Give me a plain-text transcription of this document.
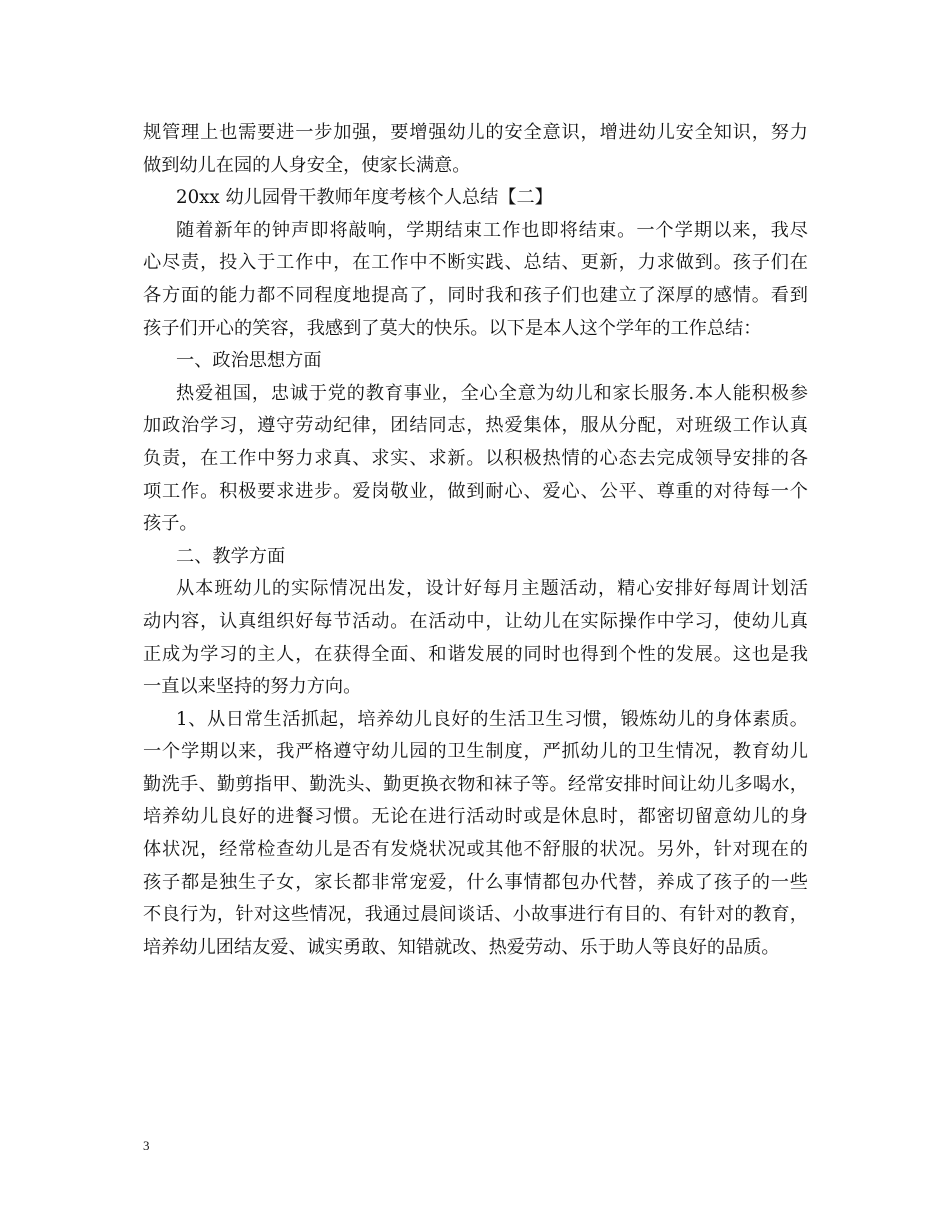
规管理上也需要进一步加强，要增强幼儿的安全意识，增进幼儿安全知识，努力
做到幼儿在园的人身安全，使家长满意。
20xx 幼儿园骨干教师年度考核个人总结【二】
随着新年的钟声即将敲响，学期结束工作也即将结束。一个学期以来，我尽
心尽责，投入于工作中，在工作中不断实践、总结、更新，力求做到。孩子们在
各方面的能力都不同程度地提高了，同时我和孩子们也建立了深厚的感情。看到
孩子们开心的笑容，我感到了莫大的快乐。以下是本人这个学年的工作总结：
一、政治思想方面
热爱祖国，忠诚于党的教育事业，全心全意为幼儿和家长服务.本人能积极参
加政治学习，遵守劳动纪律，团结同志，热爱集体，服从分配，对班级工作认真
负责，在工作中努力求真、求实、求新。以积极热情的心态去完成领导安排的各
项工作。积极要求进步。爱岗敬业，做到耐心、爱心、公平、尊重的对待每一个
孩子。
二、教学方面
从本班幼儿的实际情况出发，设计好每月主题活动，精心安排好每周计划活
动内容，认真组织好每节活动。在活动中，让幼儿在实际操作中学习，使幼儿真
正成为学习的主人，在获得全面、和谐发展的同时也得到个性的发展。这也是我
一直以来坚持的努力方向。
1、从日常生活抓起，培养幼儿良好的生活卫生习惯，锻炼幼儿的身体素质。
一个学期以来，我严格遵守幼儿园的卫生制度，严抓幼儿的卫生情况，教育幼儿
勤洗手、勤剪指甲、勤洗头、勤更换衣物和袜子等。经常安排时间让幼儿多喝水，
培养幼儿良好的进餐习惯。无论在进行活动时或是休息时，都密切留意幼儿的身
体状况，经常检查幼儿是否有发烧状况或其他不舒服的状况。另外，针对现在的
孩子都是独生子女，家长都非常宠爱，什么事情都包办代替，养成了孩子的一些
不良行为，针对这些情况，我通过晨间谈话、小故事进行有目的、有针对的教育，
培养幼儿团结友爱、诚实勇敢、知错就改、热爱劳动、乐于助人等良好的品质。
3
